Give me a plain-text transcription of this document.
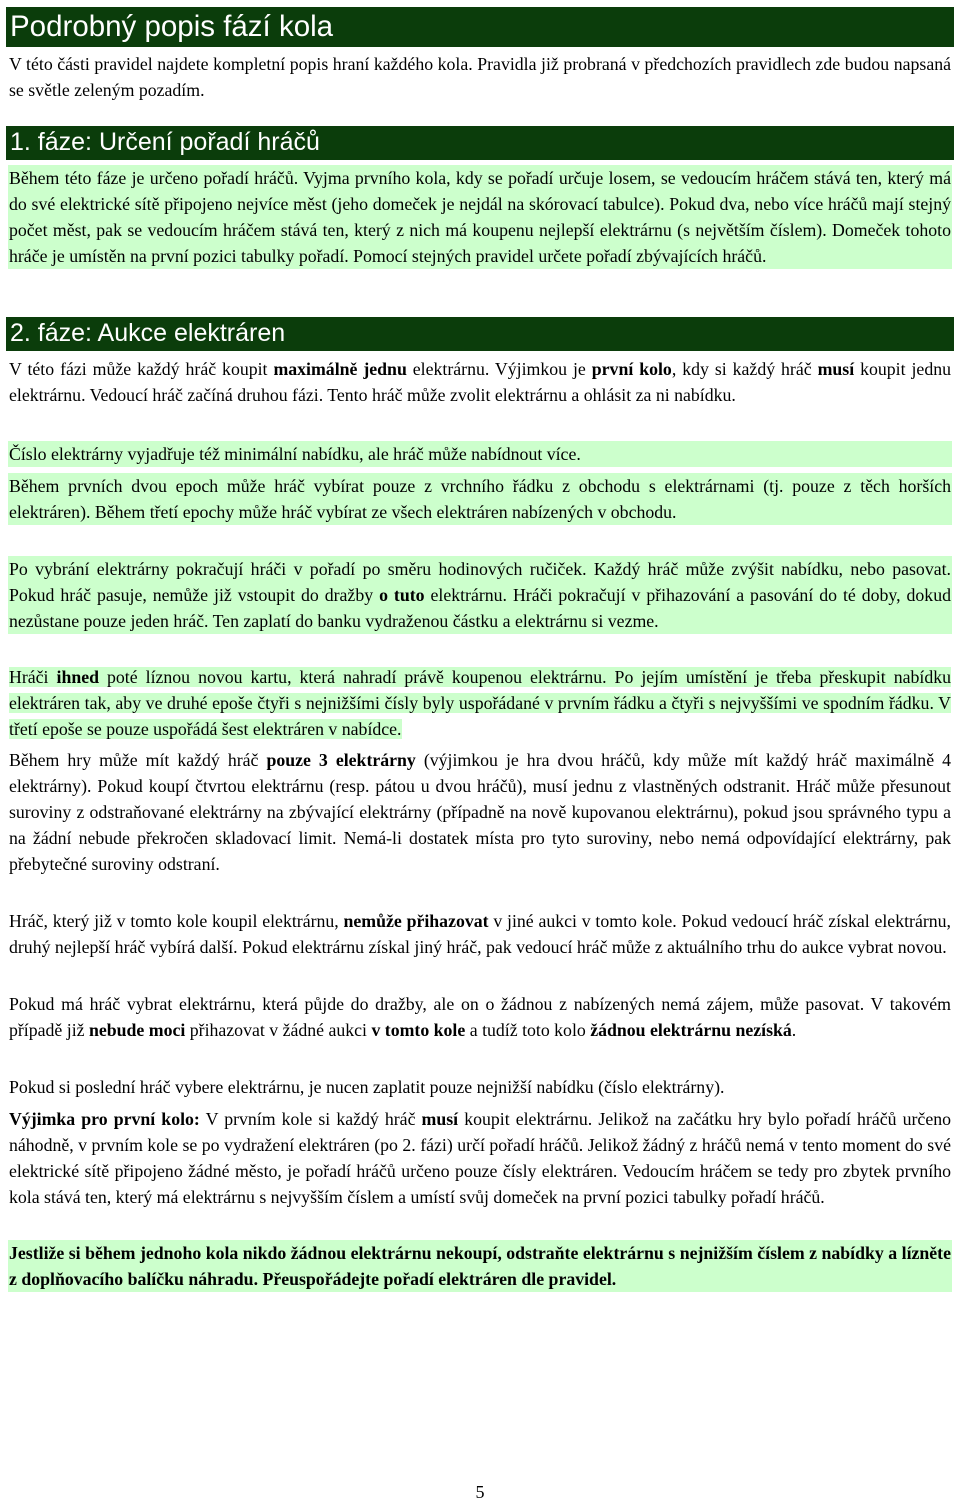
Podrobný popis fází kola

V této části pravidel najdete kompletní popis hraní každého kola. Pravidla již probraná v předchozích pravidlech zde budou napsaná se světle zeleným pozadím.

1. fáze: Určení pořadí hráčů

Během této fáze je určeno pořadí hráčů. Vyjma prvního kola, kdy se pořadí určuje losem, se vedoucím hráčem stává ten, který má do své elektrické sítě připojeno nejvíce měst (jeho domeček je nejdál na skórovací tabulce). Pokud dva, nebo více hráčů mají stejný počet měst, pak se vedoucím hráčem stává ten, který z nich má koupenu nejlepší elektrárnu (s největším číslem). Domeček tohoto hráče je umístěn na první pozici tabulky pořadí. Pomocí stejných pravidel určete pořadí zbývajících hráčů.

2. fáze: Aukce elektráren

V této fázi může každý hráč koupit maximálně jednu elektrárnu. Výjimkou je první kolo, kdy si každý hráč musí koupit jednu elektrárnu. Vedoucí hráč začíná druhou fázi. Tento hráč může zvolit elektrárnu a ohlásit za ni nabídku.

Číslo elektrárny vyjadřuje též minimální nabídku, ale hráč může nabídnout více.

Během prvních dvou epoch může hráč vybírat pouze z vrchního řádku z obchodu s elektrárnami (tj. pouze z těch horších elektráren). Během třetí epochy může hráč vybírat ze všech elektráren nabízených v obchodu.

Po vybrání elektrárny pokračují hráči v pořadí po směru hodinových ručiček. Každý hráč může zvýšit nabídku, nebo pasovat. Pokud hráč pasuje, nemůže již vstoupit do dražby o tuto elektrárnu. Hráči pokračují v přihazování a pasování do té doby, dokud nezůstane pouze jeden hráč. Ten zaplatí do banku vydraženou částku a elektrárnu si vezme.

Hráči ihned poté líznou novou kartu, která nahradí právě koupenou elektrárnu. Po jejím umístění je třeba přeskupit nabídku elektráren tak, aby ve druhé epoše čtyři s nejnižšími čísly byly uspořádané v prvním řádku a čtyři s nejvyššími ve spodním řádku. V třetí epoše se pouze uspořádá šest elektráren v nabídce.

Během hry může mít každý hráč pouze 3 elektrárny (výjimkou je hra dvou hráčů, kdy může mít každý hráč maximálně 4 elektrárny). Pokud koupí čtvrtou elektrárnu (resp. pátou u dvou hráčů), musí jednu z vlastněných odstranit. Hráč může přesunout suroviny z odstraňované elektrárny na zbývající elektrárny (případně na nově kupovanou elektrárnu), pokud jsou správného typu a na žádní nebude překročen skladovací limit. Nemá-li dostatek místa pro tyto suroviny, nebo nemá odpovídající elektrárny, pak přebytečné suroviny odstraní.

Hráč, který již v tomto kole koupil elektrárnu, nemůže přihazovat v jiné aukci v tomto kole. Pokud vedoucí hráč získal elektrárnu, druhý nejlepší hráč vybírá další. Pokud elektrárnu získal jiný hráč, pak vedoucí hráč může z aktuálního trhu do aukce vybrat novou.

Pokud má hráč vybrat elektrárnu, která půjde do dražby, ale on o žádnou z nabízených nemá zájem, může pasovat. V takovém případě již nebude moci přihazovat v žádné aukci v tomto kole a tudíž toto kolo žádnou elektrárnu nezíská.

Pokud si poslední hráč vybere elektrárnu, je nucen zaplatit pouze nejnižší nabídku (číslo elektrárny).

Výjimka pro první kolo: V prvním kole si každý hráč musí koupit elektrárnu. Jelikož na začátku hry bylo pořadí hráčů určeno náhodně, v prvním kole se po vydražení elektráren (po 2. fázi) určí pořadí hráčů. Jelikož žádný z hráčů nemá v tento moment do své elektrické sítě připojeno žádné město, je pořadí hráčů určeno pouze čísly elektráren. Vedoucím hráčem se tedy pro zbytek prvního kola stává ten, který má elektrárnu s nejvyšším číslem a umístí svůj domeček na první pozici tabulky pořadí hráčů.

Jestliže si během jednoho kola nikdo žádnou elektrárnu nekoupí, odstraňte elektrárnu s nejnižším číslem z nabídky a lízněte z doplňovacího balíčku náhradu. Přeuspořádejte pořadí elektráren dle pravidel.

5
